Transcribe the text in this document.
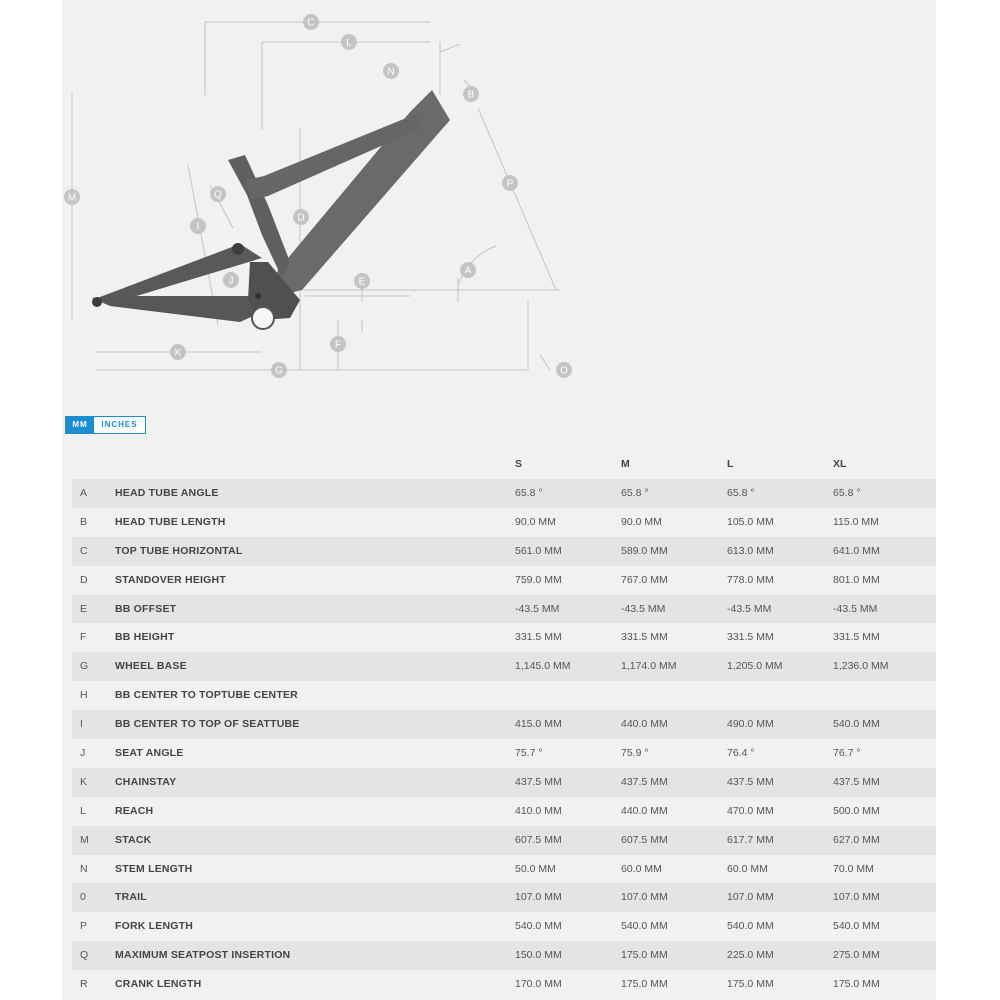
A
B
C
D
E
F
G
I
J
K
L
M
N
O
P
Q
MM	INCHES
S	M	L	XL
A	HEAD TUBE ANGLE	65.8 °	65.8 °	65.8 °	65.8 °
B	HEAD TUBE LENGTH	90.0 MM	90.0 MM	105.0 MM	115.0 MM
C	TOP TUBE HORIZONTAL	561.0 MM	589.0 MM	613.0 MM	641.0 MM
D	STANDOVER HEIGHT	759.0 MM	767.0 MM	778.0 MM	801.0 MM
E	BB OFFSET	-43.5 MM	-43.5 MM	-43.5 MM	-43.5 MM
F	BB HEIGHT	331.5 MM	331.5 MM	331.5 MM	331.5 MM
G	WHEEL BASE	1,145.0 MM	1,174.0 MM	1,205.0 MM	1,236.0 MM
H	BB CENTER TO TOPTUBE CENTER
I	BB CENTER TO TOP OF SEATTUBE	415.0 MM	440.0 MM	490.0 MM	540.0 MM
J	SEAT ANGLE	75.7 °	75.9 °	76.4 °	76.7 °
K	CHAINSTAY	437.5 MM	437.5 MM	437.5 MM	437.5 MM
L	REACH	410.0 MM	440.0 MM	470.0 MM	500.0 MM
M	STACK	607.5 MM	607.5 MM	617.7 MM	627.0 MM
N	STEM LENGTH	50.0 MM	60.0 MM	60.0 MM	70.0 MM
0	TRAIL	107.0 MM	107.0 MM	107.0 MM	107.0 MM
P	FORK LENGTH	540.0 MM	540.0 MM	540.0 MM	540.0 MM
Q	MAXIMUM SEATPOST INSERTION	150.0 MM	175.0 MM	225.0 MM	275.0 MM
R	CRANK LENGTH	170.0 MM	175.0 MM	175.0 MM	175.0 MM
